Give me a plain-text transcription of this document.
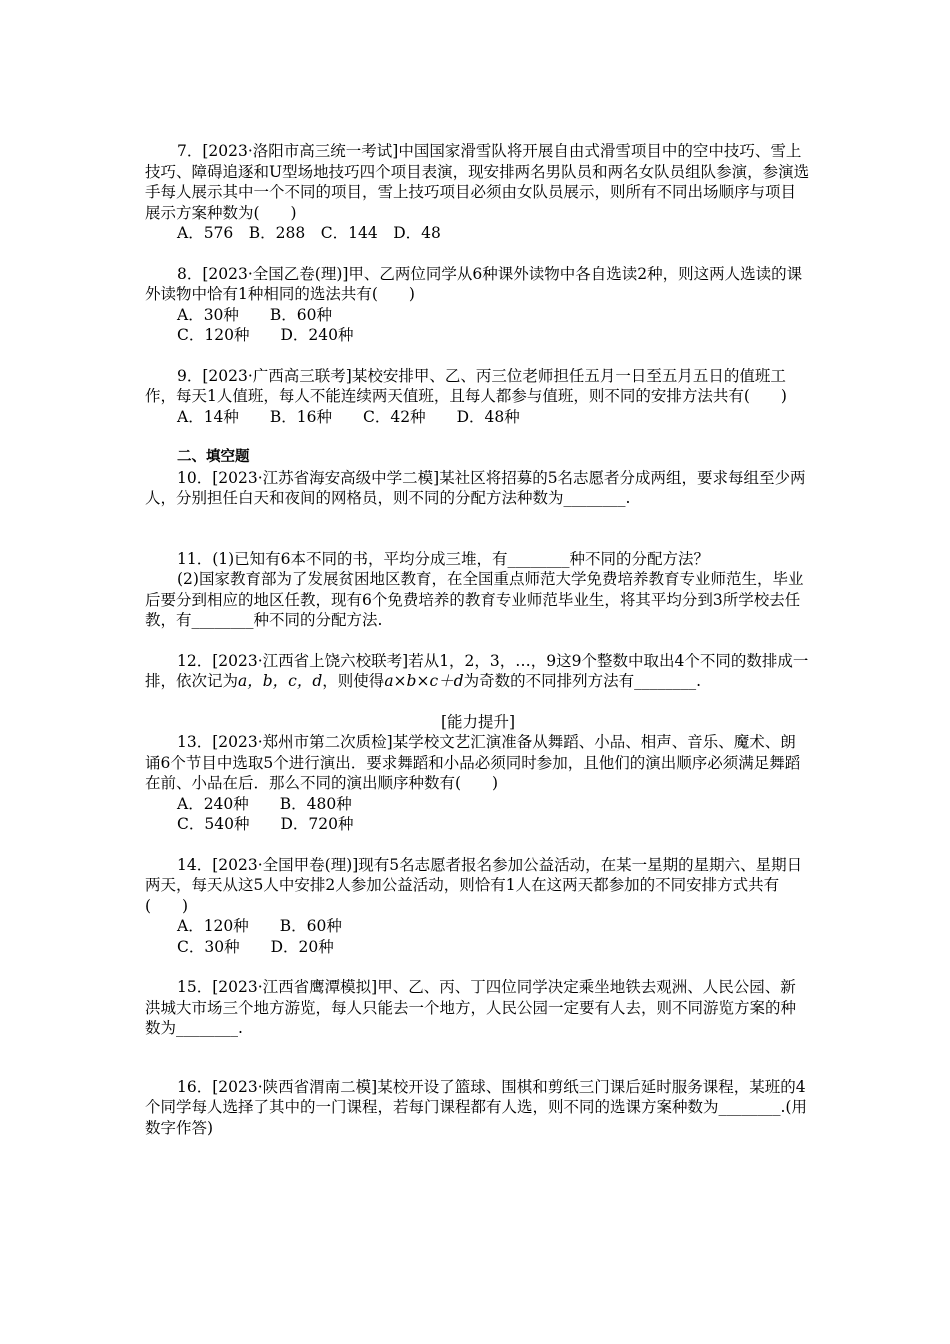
7．[2023·洛阳市高三统一考试]中国国家滑雪队将开展自由式滑雪项目中的空中技巧、雪上技巧、障碍追逐和U型场地技巧四个项目表演，现安排两名男队员和两名女队员组队参演，参演选手每人展示其中一个不同的项目，雪上技巧项目必须由女队员展示，则所有不同出场顺序与项目展示方案种数为(　　)

A．576　B．288　C．144　D．48

8．[2023·全国乙卷(理)]甲、乙两位同学从6种课外读物中各自选读2种，则这两人选读的课外读物中恰有1种相同的选法共有(　　)

A．30种　　B．60种

C．120种　　D．240种

9．[2023·广西高三联考]某校安排甲、乙、丙三位老师担任五月一日至五月五日的值班工作，每天1人值班，每人不能连续两天值班，且每人都参与值班，则不同的安排方法共有(　　)

A．14种　　B．16种　　C．42种　　D．48种

二、填空题

10．[2023·江苏省海安高级中学二模]某社区将招募的5名志愿者分成两组，要求每组至少两人，分别担任白天和夜间的网格员，则不同的分配方法种数为________.

11．(1)已知有6本不同的书，平均分成三堆，有________种不同的分配方法？

(2)国家教育部为了发展贫困地区教育，在全国重点师范大学免费培养教育专业师范生，毕业后要分到相应的地区任教，现有6个免费培养的教育专业师范毕业生，将其平均分到3所学校去任教，有________种不同的分配方法.

12．[2023·江西省上饶六校联考]若从1，2，3，…，9这9个整数中取出4个不同的数排成一排，依次记为a，b，c，d，则使得a×b×c＋d为奇数的不同排列方法有________.

[能力提升]

13．[2023·郑州市第二次质检]某学校文艺汇演准备从舞蹈、小品、相声、音乐、魔术、朗诵6个节目中选取5个进行演出．要求舞蹈和小品必须同时参加，且他们的演出顺序必须满足舞蹈在前、小品在后．那么不同的演出顺序种数有(　　)

A．240种　　B．480种

C．540种　　D．720种

14．[2023·全国甲卷(理)]现有5名志愿者报名参加公益活动，在某一星期的星期六、星期日两天，每天从这5人中安排2人参加公益活动，则恰有1人在这两天都参加的不同安排方式共有(　　)

A．120种　　B．60种

C．30种　　D．20种

15．[2023·江西省鹰潭模拟]甲、乙、丙、丁四位同学决定乘坐地铁去观洲、人民公园、新洪城大市场三个地方游览，每人只能去一个地方，人民公园一定要有人去，则不同游览方案的种数为________.

16．[2023·陕西省渭南二模]某校开设了篮球、围棋和剪纸三门课后延时服务课程，某班的4个同学每人选择了其中的一门课程，若每门课程都有人选，则不同的选课方案种数为________.(用数字作答)
